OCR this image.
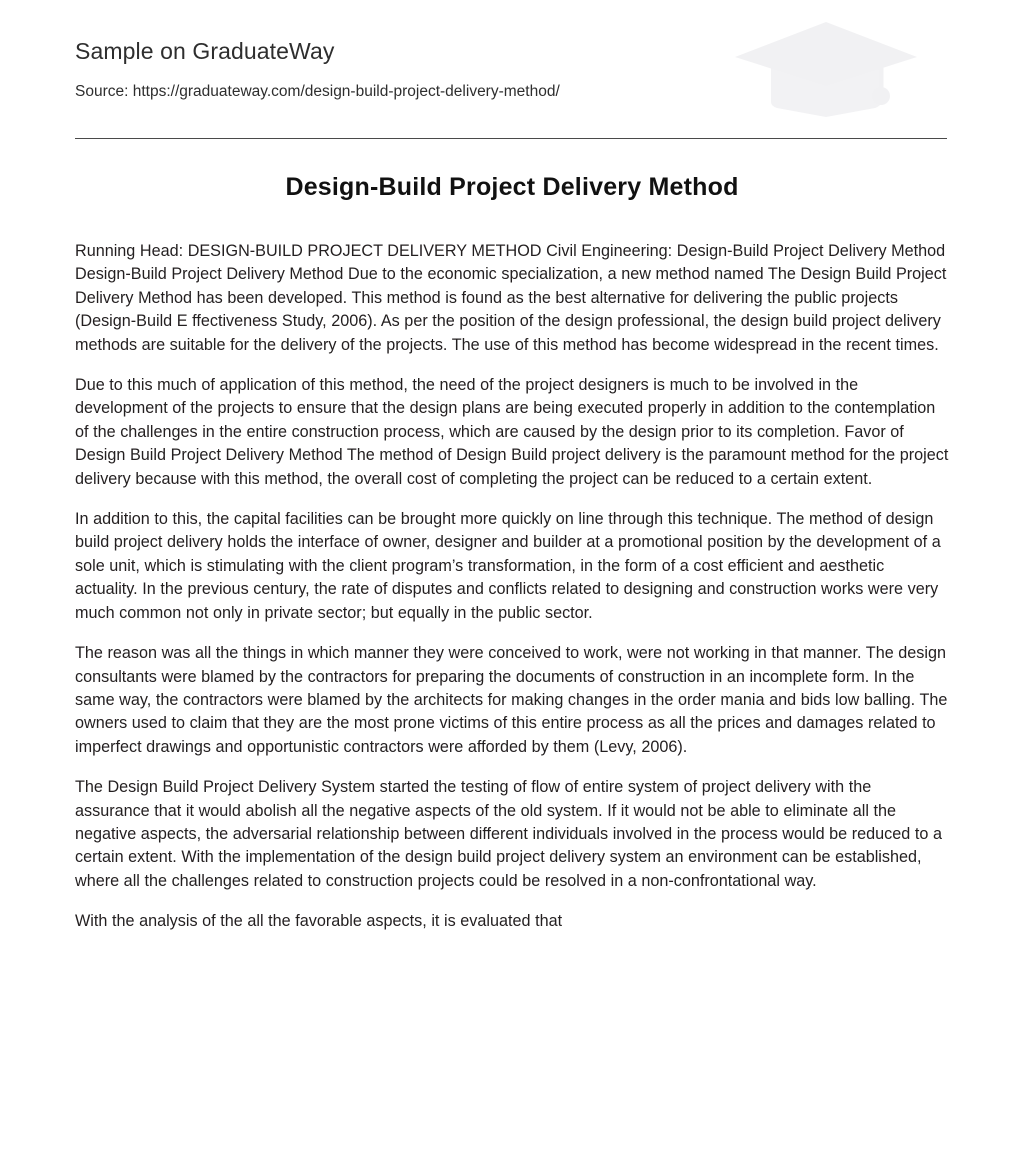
Sample on GraduateWay
Source: https://graduateway.com/design-build-project-delivery-method/
Design-Build Project Delivery Method

Running Head: DESIGN-BUILD PROJECT DELIVERY METHOD Civil Engineering: Design-Build Project Delivery Method Design-Build Project Delivery Method Due to the economic specialization, a new method named The Design Build Project Delivery Method has been developed. This method is found as the best alternative for delivering the public projects (Design-Build E ffectiveness Study, 2006). As per the position of the design professional, the design build project delivery methods are suitable for the delivery of the projects. The use of this method has become widespread in the recent times.

Due to this much of application of this method, the need of the project designers is much to be involved in the development of the projects to ensure that the design plans are being executed properly in addition to the contemplation of the challenges in the entire construction process, which are caused by the design prior to its completion. Favor of Design Build Project Delivery Method The method of Design Build project delivery is the paramount method for the project delivery because with this method, the overall cost of completing the project can be reduced to a certain extent.

In addition to this, the capital facilities can be brought more quickly on line through this technique. The method of design build project delivery holds the interface of owner, designer and builder at a promotional position by the development of a sole unit, which is stimulating with the client program’s transformation, in the form of a cost efficient and aesthetic actuality. In the previous century, the rate of disputes and conflicts related to designing and construction works were very much common not only in private sector; but equally in the public sector.

The reason was all the things in which manner they were conceived to work, were not working in that manner. The design consultants were blamed by the contractors for preparing the documents of construction in an incomplete form. In the same way, the contractors were blamed by the architects for making changes in the order mania and bids low balling. The owners used to claim that they are the most prone victims of this entire process as all the prices and damages related to imperfect drawings and opportunistic contractors were afforded by them (Levy, 2006).

The Design Build Project Delivery System started the testing of flow of entire system of project delivery with the assurance that it would abolish all the negative aspects of the old system. If it would not be able to eliminate all the negative aspects, the adversarial relationship between different individuals involved in the process would be reduced to a certain extent. With the implementation of the design build project delivery system an environment can be established, where all the challenges related to construction projects could be resolved in a non-confrontational way.

With the analysis of the all the favorable aspects, it is evaluated that
